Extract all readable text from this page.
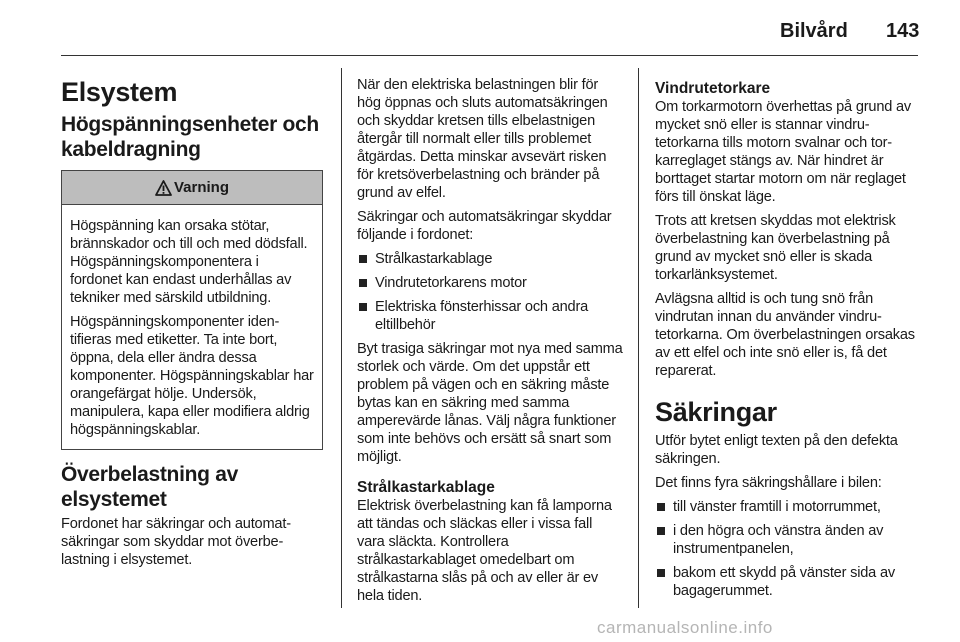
Bilvård 143
Elsystem
Högspänningsenheter och kabeldragning
Varning

Högspänning kan orsaka stötar, brännskador och till och med dödsfall. Högspänningskomponentera i fordonet kan endast underhållas av tekniker med särskild utbildning.

Högspänningskomponenter identifieras med etiketter. Ta inte bort, öppna, dela eller ändra dessa komponenter. Högspänningskablar har orangefärgat hölje. Undersök, manipulera, kapa eller modifiera aldrig högspänningskablar.

Överbelastning av elsystemet

Fordonet har säkringar och automatsäkringar som skyddar mot överbelastning i elsystemet.

När den elektriska belastningen blir för hög öppnas och sluts automatsäkringen och skyddar kretsen tills elbelastnigen återgår till normalt eller tills problemet åtgärdas. Detta minskar avsevärt risken för kretsöverbelastning och bränder på grund av elfel.

Säkringar och automatsäkringar skyddar följande i fordonet:

Strålkastarkablage
Vindrutetorkarens motor
Elektriska fönsterhissar och andra eltillbehör

Byt trasiga säkringar mot nya med samma storlek och värde. Om det uppstår ett problem på vägen och en säkring måste bytas kan en säkring med samma amperevärde lånas. Välj några funktioner som inte behövs och ersätt så snart som möjligt.

Strålkastarkablage

Elektrisk överbelastning kan få lamporna att tändas och släckas eller i vissa fall vara släckta. Kontrollera strålkastarkablaget omedelbart om strålkastarna slås på och av eller är ev hela tiden.

Vindrutetorkare

Om torkarmotorn överhettas på grund av mycket snö eller is stannar vindrutetorkarna tills motorn svalnar och torkarreglaget stängs av. När hindret är borttaget startar motorn om när reglaget förs till önskat läge.

Trots att kretsen skyddas mot elektrisk överbelastning kan överbelastning på grund av mycket snö eller is skada torkarlänksystemet.

Avlägsna alltid is och tung snö från vindrutan innan du använder vindrutetorkarna. Om överbelastningen orsakas av ett elfel och inte snö eller is, få det reparerat.

Säkringar

Utför bytet enligt texten på den defekta säkringen.

Det finns fyra säkringshållare i bilen:

till vänster framtill i motorrummet,
i den högra och vänstra änden av instrumentpanelen,
bakom ett skydd på vänster sida av bagagerummet.
carmanualsonline.info
